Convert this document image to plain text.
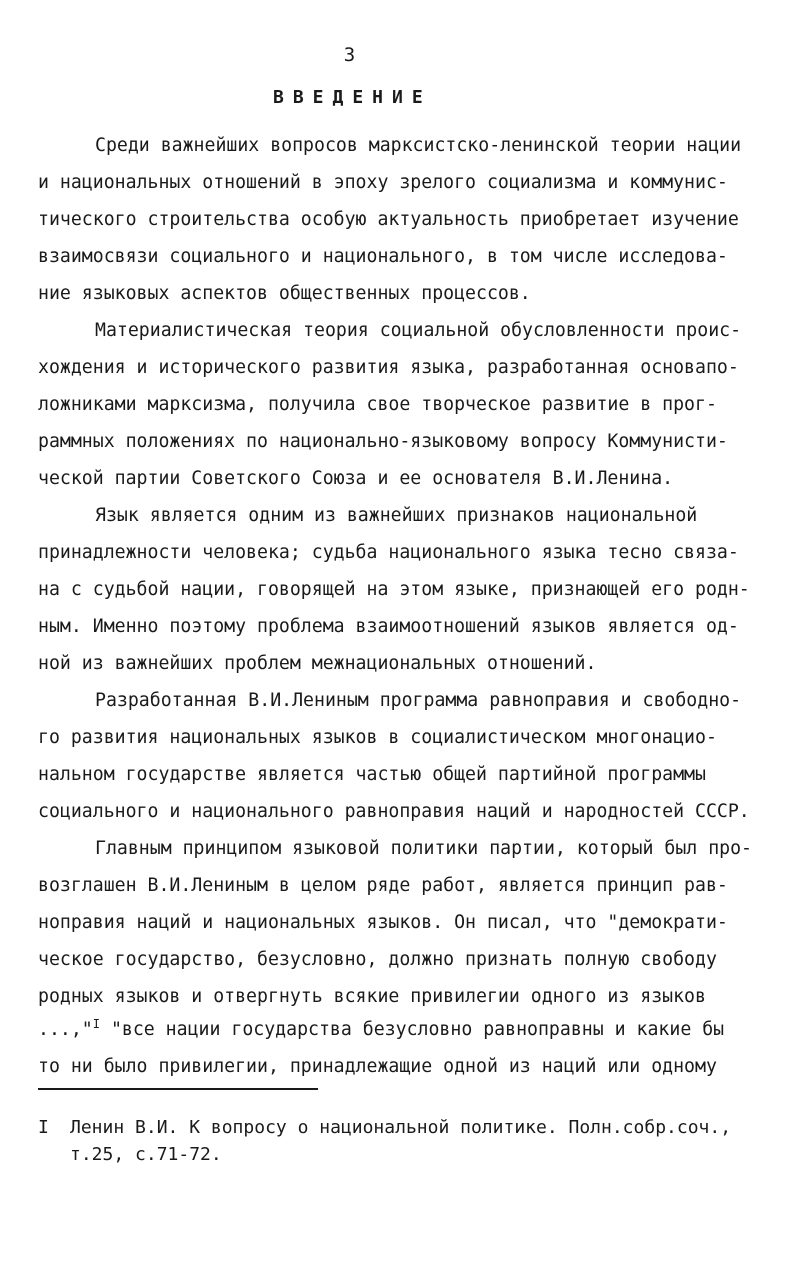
3
ВВЕДЕНИЕ
Среди важнейших вопросов марксистско-ленинской теории нации
и национальных отношений в эпоху зрелого социализма и коммунис-
тического строительства особую актуальность приобретает изучение
взаимосвязи социального и национального, в том числе исследова-
ние языковых аспектов общественных процессов.
Материалистическая теория социальной обусловленности проис-
хождения и исторического развития языка, разработанная основапо-
ложниками марксизма, получила свое творческое развитие в прог-
раммных положениях по национально-языковому вопросу Коммунисти-
ческой партии Советского Союза и ее основателя В.И.Ленина.
Язык является одним из важнейших признаков национальной
принадлежности человека; судьба национального языка тесно связа-
на с судьбой нации, говорящей на этом языке, признающей его родн-
ным. Именно поэтому проблема взаимоотношений языков является од-
ной из важнейших проблем межнациональных отношений.
Разработанная В.И.Лениным программа равноправия и свободно-
го развития национальных языков в социалистическом многонацио-
нальном государстве является частью общей партийной программы
социального и национального равноправия наций и народностей СССР.
Главным принципом языковой политики партии, который был про-
возглашен В.И.Лениным в целом ряде работ, является принцип рав-
ноправия наций и национальных языков. Он писал, что "демократи-
ческое государство, безусловно, должно признать полную свободу
родных языков и отвергнуть всякие привилегии одного из языков
...,"$^I$ "все нации государства безусловно равноправны и какие бы
то ни было привилегии, принадлежащие одной из наций или одному
I Ленин В.И. К вопросу о национальной политике. Полн.собр.соч.,
т.25, с.71-72.
